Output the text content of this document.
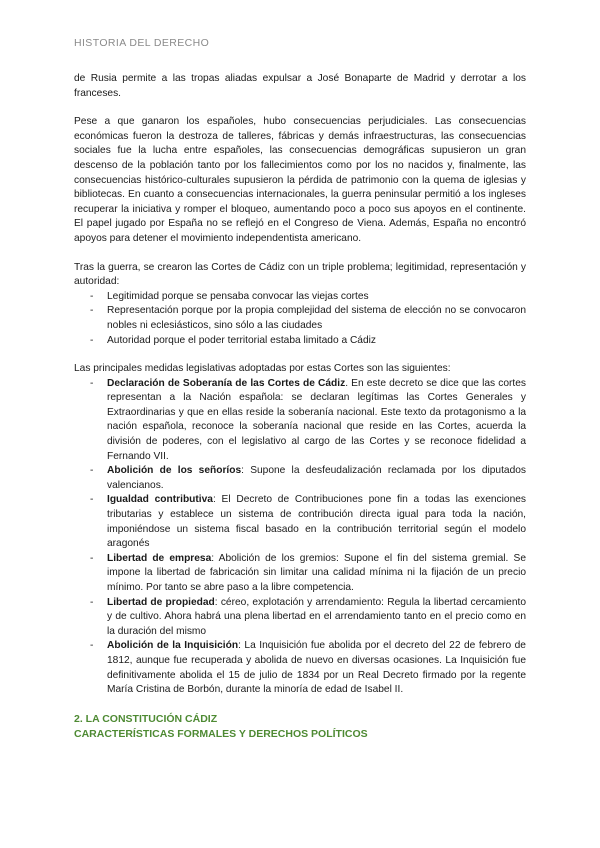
HISTORIA DEL DERECHO

de Rusia permite a las tropas aliadas expulsar a José Bonaparte de Madrid y derrotar a los franceses.

Pese a que ganaron los españoles, hubo consecuencias perjudiciales. Las consecuencias económicas fueron la destroza de talleres, fábricas y demás infraestructuras, las consecuencias sociales fue la lucha entre españoles, las consecuencias demográficas supusieron un gran descenso de la población tanto por los fallecimientos como por los no nacidos y, finalmente, las consecuencias histórico-culturales supusieron la pérdida de patrimonio con la quema de iglesias y bibliotecas. En cuanto a consecuencias internacionales, la guerra peninsular permitió a los ingleses recuperar la iniciativa y romper el bloqueo, aumentando poco a poco sus apoyos en el continente. El papel jugado por España no se reflejó en el Congreso de Viena. Además, España no encontró apoyos para detener el movimiento independentista americano.

Tras la guerra, se crearon las Cortes de Cádiz con un triple problema; legitimidad, representación y autoridad:

- Legitimidad porque se pensaba convocar las viejas cortes
- Representación porque por la propia complejidad del sistema de elección no se convocaron nobles ni eclesiásticos, sino sólo a las ciudades
- Autoridad porque el poder territorial estaba limitado a Cádiz

Las principales medidas legislativas adoptadas por estas Cortes son las siguientes:

- Declaración de Soberanía de las Cortes de Cádiz. En este decreto se dice que las cortes representan a la Nación española: se declaran legítimas las Cortes Generales y Extraordinarias y que en ellas reside la soberanía nacional. Este texto da protagonismo a la nación española, reconoce la soberanía nacional que reside en las Cortes, acuerda la división de poderes, con el legislativo al cargo de las Cortes y se reconoce fidelidad a Fernando VII.
- Abolición de los señoríos: Supone la desfeudalización reclamada por los diputados valencianos.
- Igualdad contributiva: El Decreto de Contribuciones pone fin a todas las exenciones tributarias y establece un sistema de contribución directa igual para toda la nación, imponiéndose un sistema fiscal basado en la contribución territorial según el modelo aragonés
- Libertad de empresa: Abolición de los gremios: Supone el fin del sistema gremial. Se impone la libertad de fabricación sin limitar una calidad mínima ni la fijación de un precio mínimo. Por tanto se abre paso a la libre competencia.
- Libertad de propiedad: céreo, explotación y arrendamiento: Regula la libertad cercamiento y de cultivo. Ahora habrá una plena libertad en el arrendamiento tanto en el precio como en la duración del mismo
- Abolición de la Inquisición: La Inquisición fue abolida por el decreto del 22 de febrero de 1812, aunque fue recuperada y abolida de nuevo en diversas ocasiones. La Inquisición fue definitivamente abolida el 15 de julio de 1834 por un Real Decreto firmado por la regente María Cristina de Borbón, durante la minoría de edad de Isabel II.
2. LA CONSTITUCIÓN CÁDIZ
CARACTERÍSTICAS FORMALES Y DERECHOS POLÍTICOS
